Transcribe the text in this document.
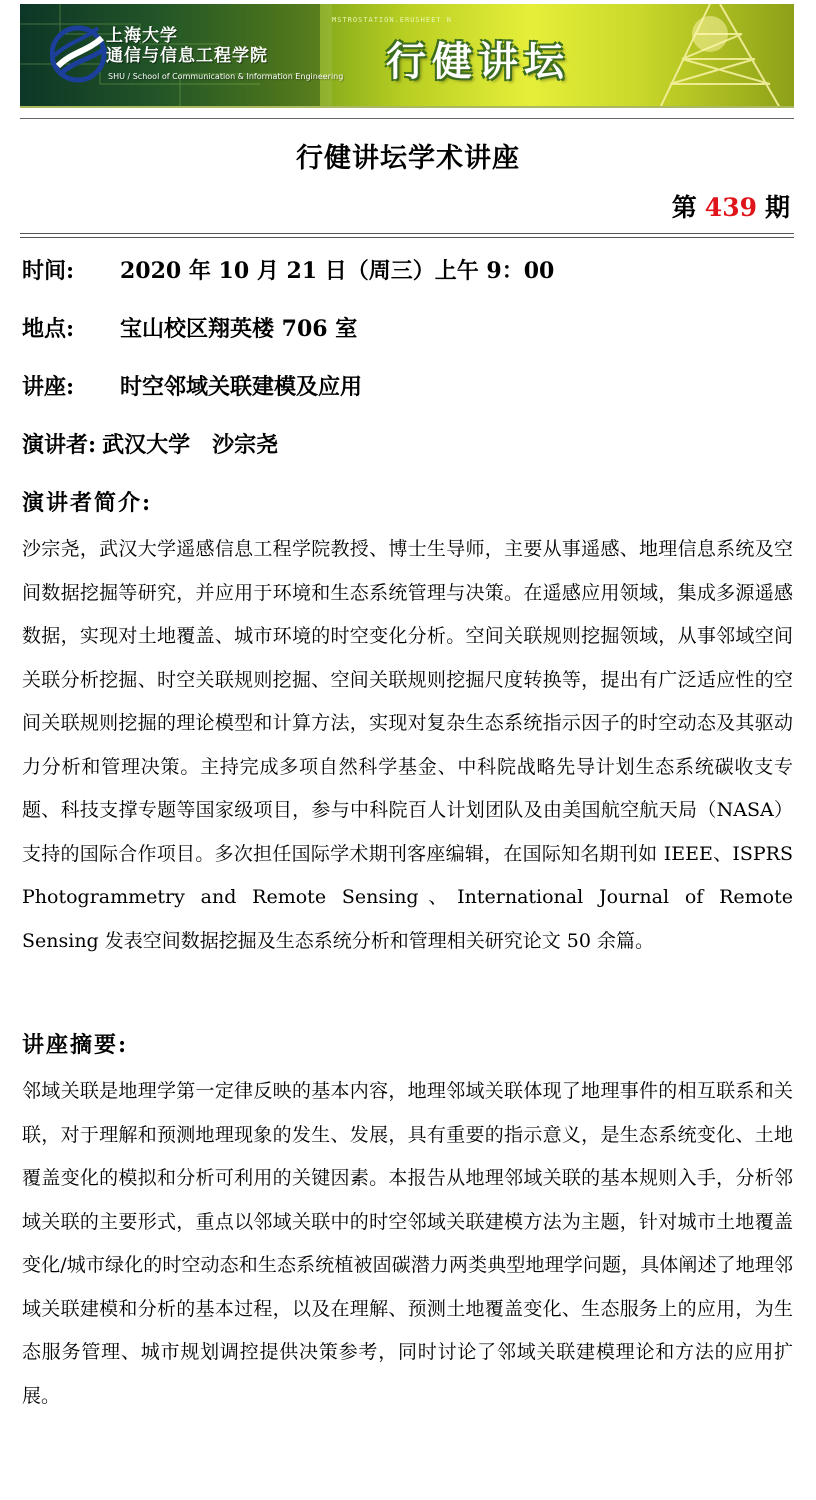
上海大学
通信与信息工程学院
SHU / School of Communication & Information Engineering
MSTROSTATION.ERUSHEET N
行健讲坛
行健讲坛学术讲座
第 439 期
时间: 2020 年 10 月 21 日（周三）上午 9：00
地点: 宝山校区翔英楼 706 室
讲座: 时空邻域关联建模及应用
演讲者: 武汉大学　沙宗尧
演讲者简介:

沙宗尧，武汉大学遥感信息工程学院教授、博士生导师，主要从事遥感、地理信息系统及空间数据挖掘等研究，并应用于环境和生态系统管理与决策。在遥感应用领域，集成多源遥感数据，实现对土地覆盖、城市环境的时空变化分析。空间关联规则挖掘领域，从事邻域空间关联分析挖掘、时空关联规则挖掘、空间关联规则挖掘尺度转换等，提出有广泛适应性的空间关联规则挖掘的理论模型和计算方法，实现对复杂生态系统指示因子的时空动态及其驱动力分析和管理决策。主持完成多项自然科学基金、中科院战略先导计划生态系统碳收支专题、科技支撑专题等国家级项目，参与中科院百人计划团队及由美国航空航天局（NASA）支持的国际合作项目。多次担任国际学术期刊客座编辑，在国际知名期刊如 IEEE、ISPRS Photogrammetry and Remote Sensing、International Journal of Remote Sensing 发表空间数据挖掘及生态系统分析和管理相关研究论文 50 余篇。

讲座摘要:

邻域关联是地理学第一定律反映的基本内容，地理邻域关联体现了地理事件的相互联系和关联，对于理解和预测地理现象的发生、发展，具有重要的指示意义，是生态系统变化、土地覆盖变化的模拟和分析可利用的关键因素。本报告从地理邻域关联的基本规则入手，分析邻域关联的主要形式，重点以邻域关联中的时空邻域关联建模方法为主题，针对城市土地覆盖变化/城市绿化的时空动态和生态系统植被固碳潜力两类典型地理学问题，具体阐述了地理邻域关联建模和分析的基本过程，以及在理解、预测土地覆盖变化、生态服务上的应用，为生态服务管理、城市规划调控提供决策参考，同时讨论了邻域关联建模理论和方法的应用扩展。
